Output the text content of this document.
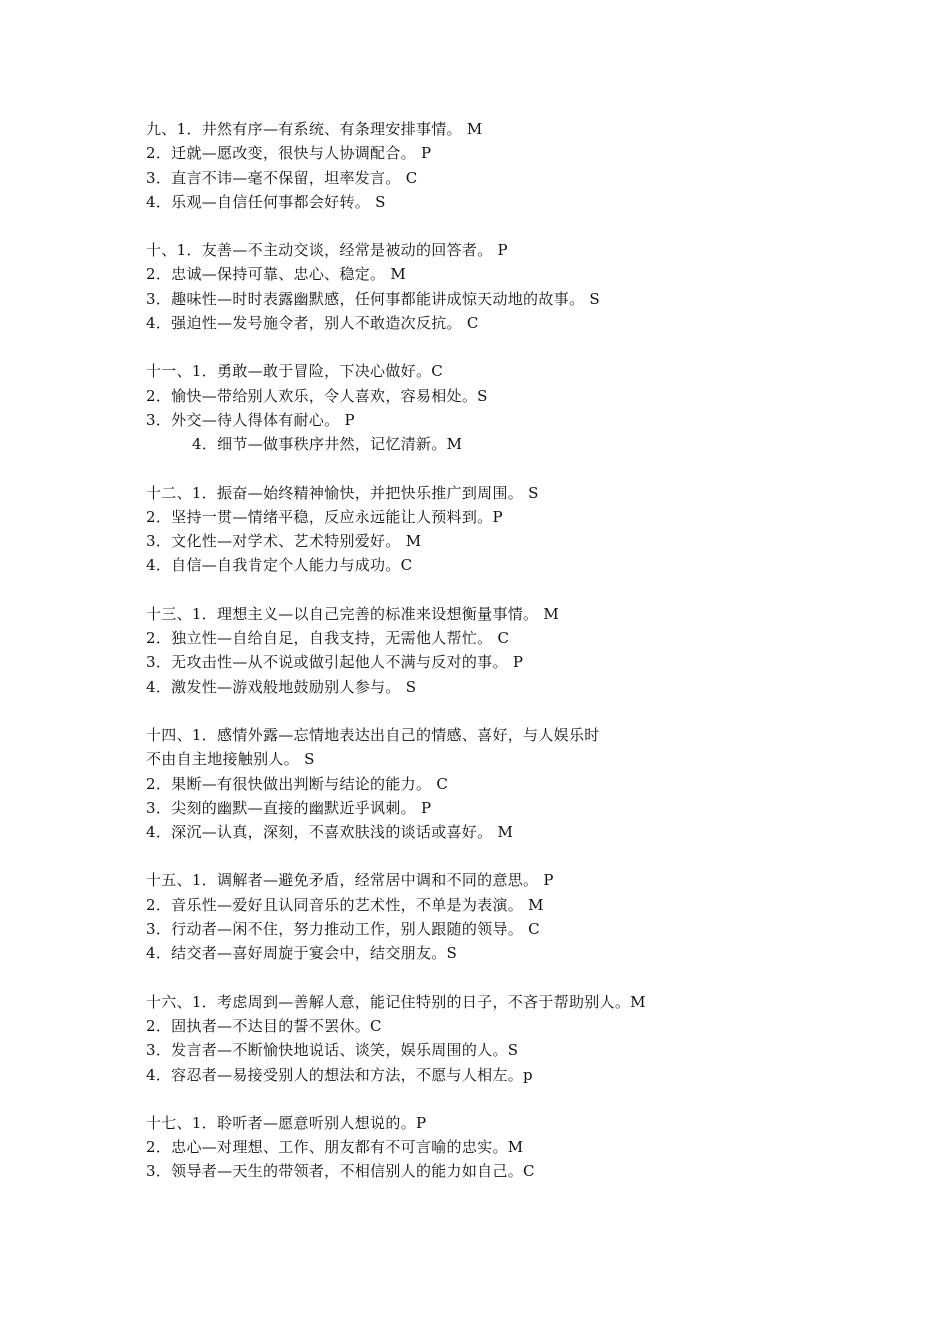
九、1．井然有序—有系统、有条理安排事情。 M
2．迁就—愿改变，很快与人协调配合。 P
3．直言不讳—毫不保留，坦率发言。 C
4．乐观—自信任何事都会好转。 S
十、1．友善—不主动交谈，经常是被动的回答者。 P
2．忠诚—保持可靠、忠心、稳定。 M
3．趣味性—时时表露幽默感，任何事都能讲成惊天动地的故事。 S
4．强迫性—发号施令者，别人不敢造次反抗。 C
十一、1．勇敢—敢于冒险，下决心做好。C
2．愉快—带给别人欢乐，令人喜欢，容易相处。S
3．外交—待人得体有耐心。 P
4．细节—做事秩序井然，记忆清新。M
十二、1．振奋—始终精神愉快，并把快乐推广到周围。 S
2．坚持一贯—情绪平稳，反应永远能让人预料到。P
3．文化性—对学术、艺术特别爱好。 M
4．自信—自我肯定个人能力与成功。C
十三、1．理想主义—以自己完善的标准来设想衡量事情。 M
2．独立性—自给自足，自我支持，无需他人帮忙。 C
3．无攻击性—从不说或做引起他人不满与反对的事。 P
4．激发性—游戏般地鼓励别人参与。 S
十四、1．感情外露—忘情地表达出自己的情感、喜好，与人娱乐时
不由自主地接触别人。 S
2．果断—有很快做出判断与结论的能力。 C
3．尖刻的幽默—直接的幽默近乎讽刺。 P
4．深沉—认真，深刻，不喜欢肤浅的谈话或喜好。 M
十五、1．调解者—避免矛盾，经常居中调和不同的意思。 P
2．音乐性—爱好且认同音乐的艺术性，不单是为表演。 M
3．行动者—闲不住，努力推动工作，别人跟随的领导。 C
4．结交者—喜好周旋于宴会中，结交朋友。S
十六、1．考虑周到—善解人意，能记住特别的日子，不吝于帮助别人。M
2．固执者—不达目的誓不罢休。C
3．发言者—不断愉快地说话、谈笑，娱乐周围的人。S
4．容忍者—易接受别人的想法和方法，不愿与人相左。p
十七、1．聆听者—愿意听别人想说的。P
2．忠心—对理想、工作、朋友都有不可言喻的忠实。M
3．领导者—天生的带领者，不相信别人的能力如自己。C
